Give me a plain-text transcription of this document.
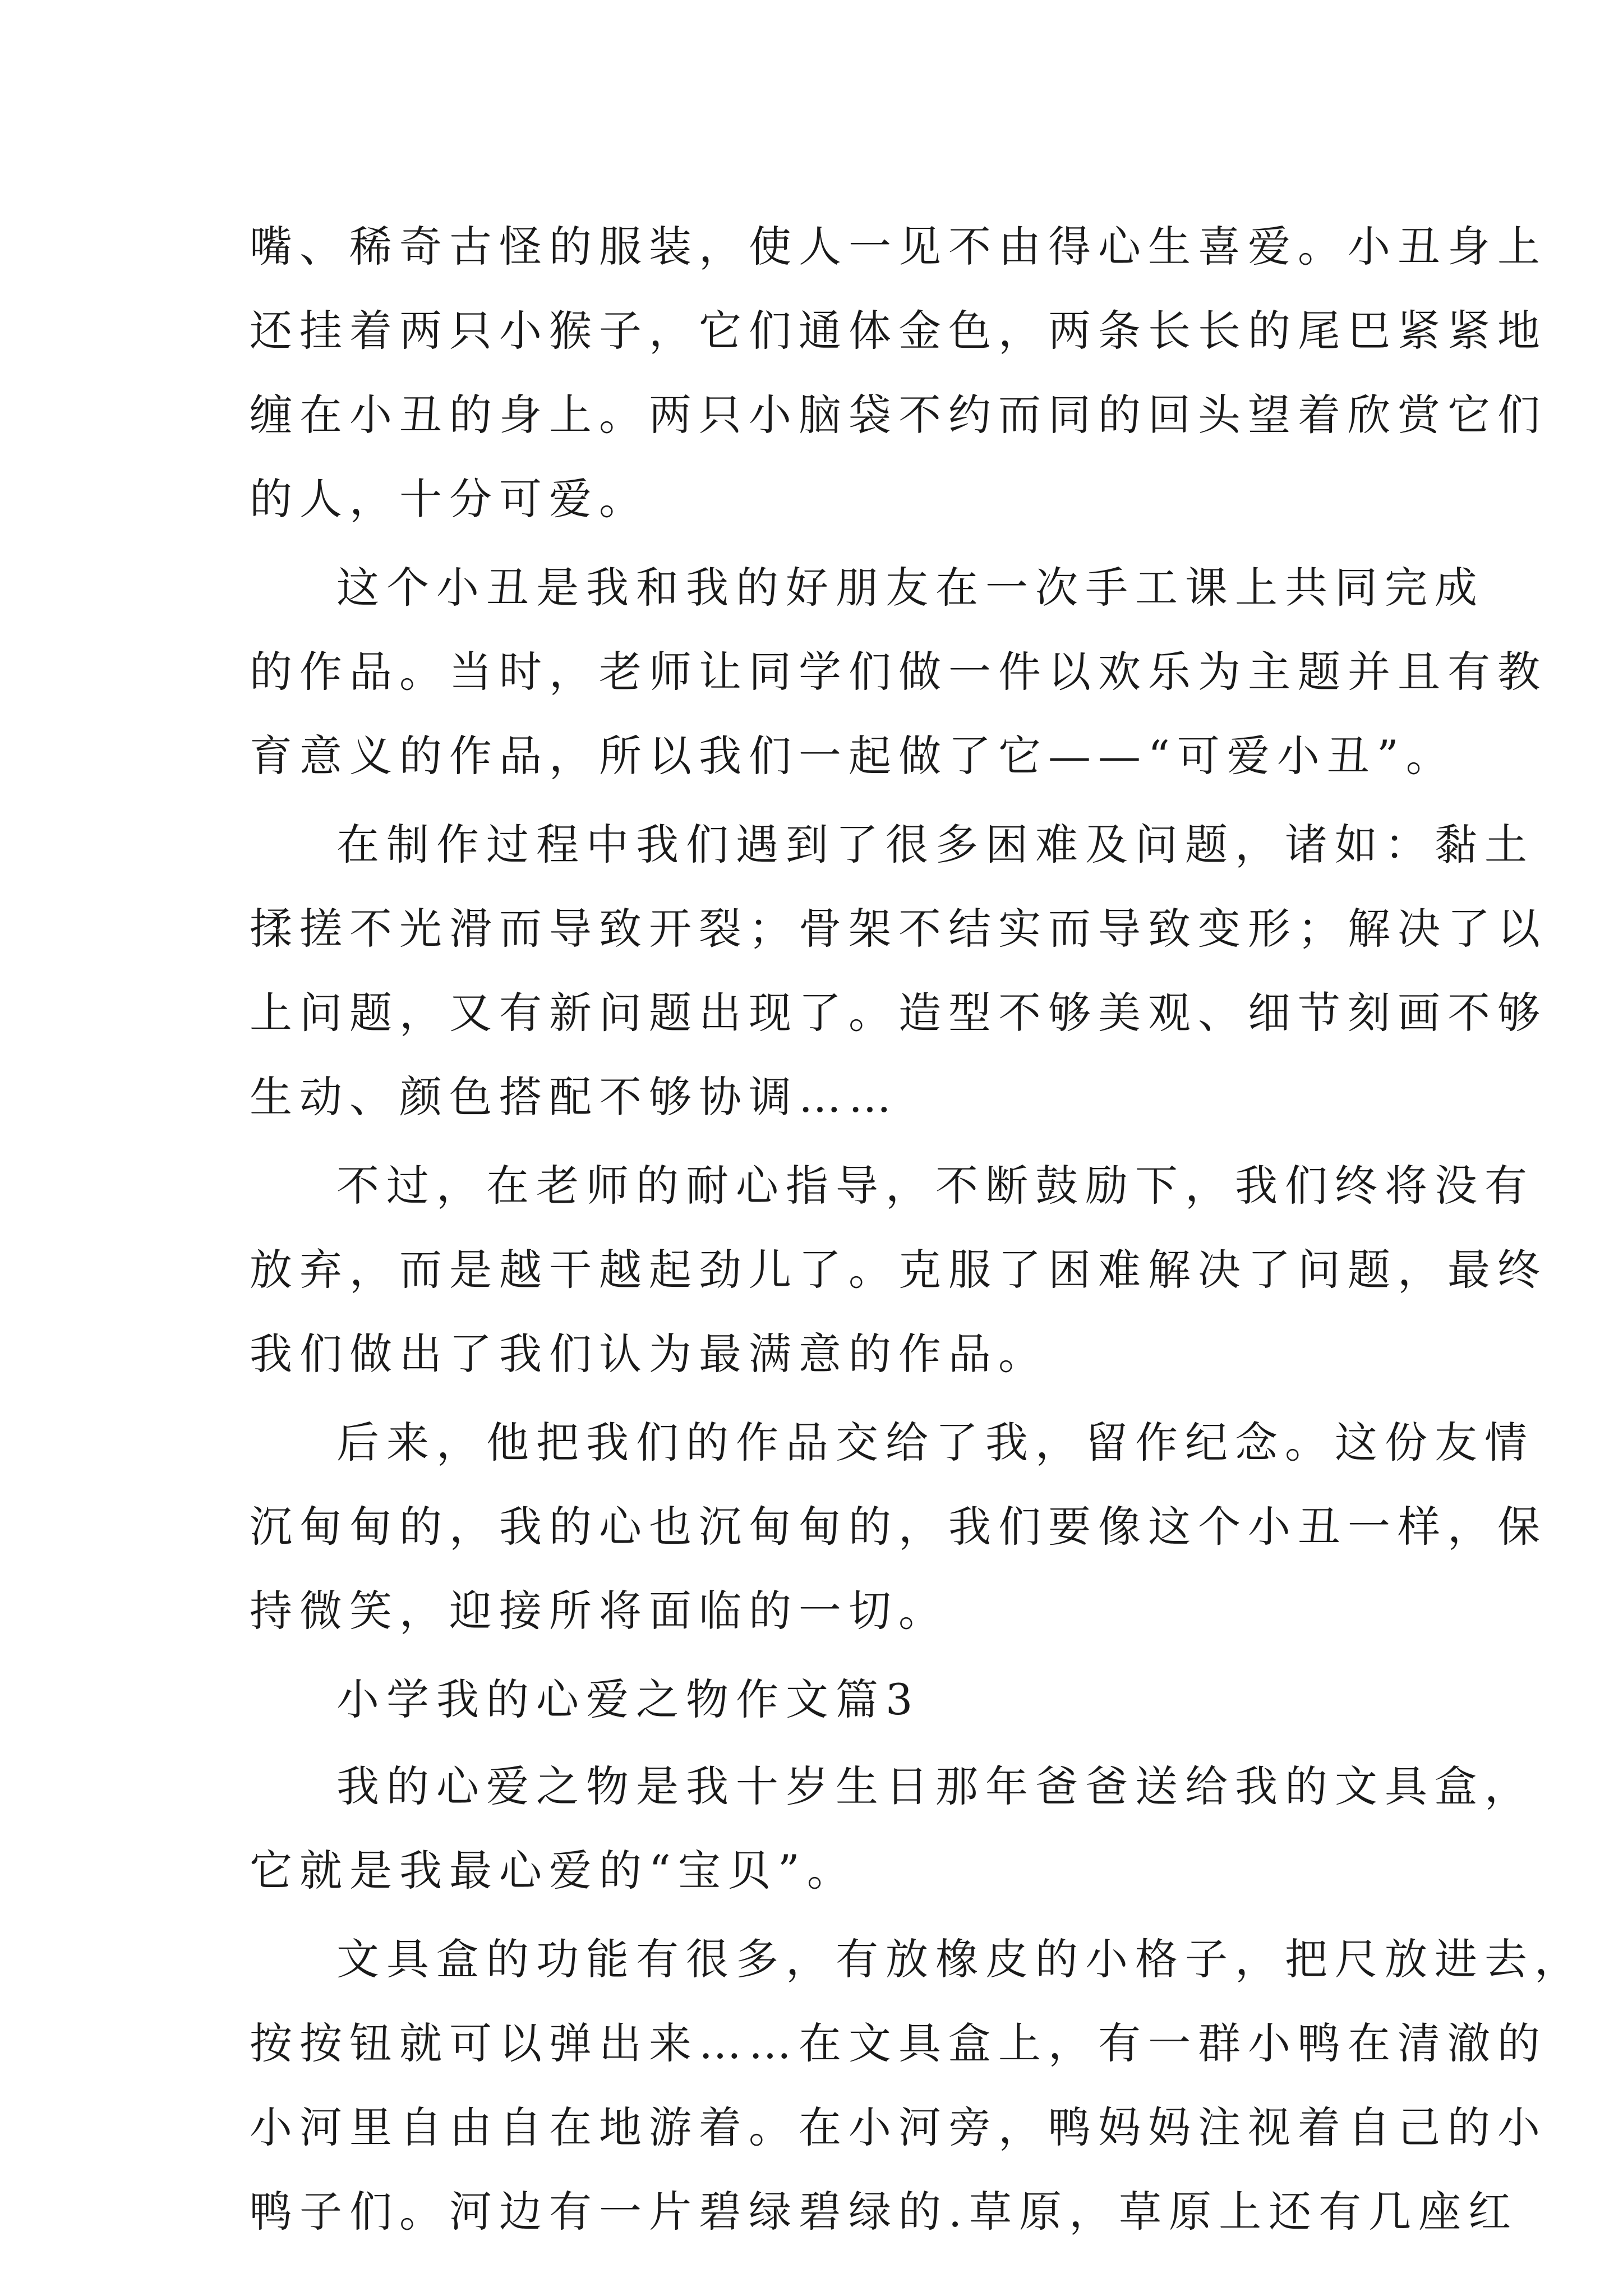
嘴、稀奇古怪的服装，使人一见不由得心生喜爱。小丑身上
还挂着两只小猴子，它们通体金色，两条长长的尾巴紧紧地
缠在小丑的身上。两只小脑袋不约而同的回头望着欣赏它们
的人，十分可爱。
这个小丑是我和我的好朋友在一次手工课上共同完成
的作品。当时，老师让同学们做一件以欢乐为主题并且有教
育意义的作品，所以我们一起做了它——“可爱小丑”。
在制作过程中我们遇到了很多困难及问题，诸如：黏土
揉搓不光滑而导致开裂；骨架不结实而导致变形；解决了以
上问题，又有新问题出现了。造型不够美观、细节刻画不够
生动、颜色搭配不够协调……
不过，在老师的耐心指导，不断鼓励下，我们终将没有
放弃，而是越干越起劲儿了。克服了困难解决了问题，最终
我们做出了我们认为最满意的作品。
后来，他把我们的作品交给了我，留作纪念。这份友情
沉甸甸的，我的心也沉甸甸的，我们要像这个小丑一样，保
持微笑，迎接所将面临的一切。
小学我的心爱之物作文篇3
我的心爱之物是我十岁生日那年爸爸送给我的文具盒，
它就是我最心爱的“宝贝”。
文具盒的功能有很多，有放橡皮的小格子，把尺放进去，
按按钮就可以弹出来……在文具盒上，有一群小鸭在清澈的
小河里自由自在地游着。在小河旁，鸭妈妈注视着自己的小
鸭子们。河边有一片碧绿碧绿的.草原，草原上还有几座红
